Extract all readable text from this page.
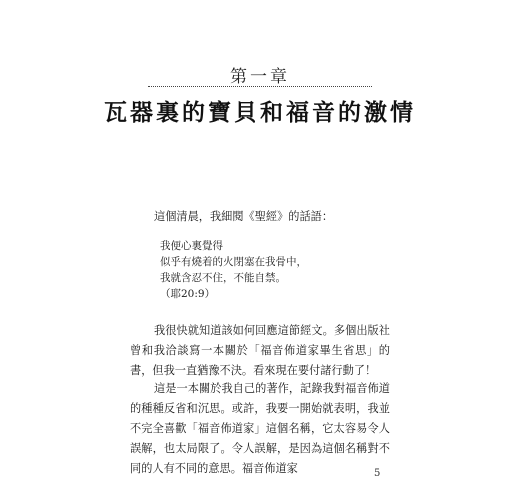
第一章
瓦器裏的寶貝和福音的激情
這個清晨，我細閱《聖經》的話語：
我便心裏覺得
似乎有燒着的火閉塞在我骨中，
我就含忍不住，不能自禁。
（耶20:9）
我很快就知道該如何回應這節經文。多個出版社曾和我洽談寫一本關於「福音佈道家畢生省思」的書，但我一直猶豫不決。看來現在要付諸行動了！
這是一本關於我自己的著作，記錄我對福音佈道的種種反省和沉思。或許，我要一開始就表明，我並不完全喜歡「福音佈道家」這個名稱，它太容易令人誤解，也太局限了。令人誤解，是因為這個名稱對不同的人有不同的意思。福音佈道家	5
